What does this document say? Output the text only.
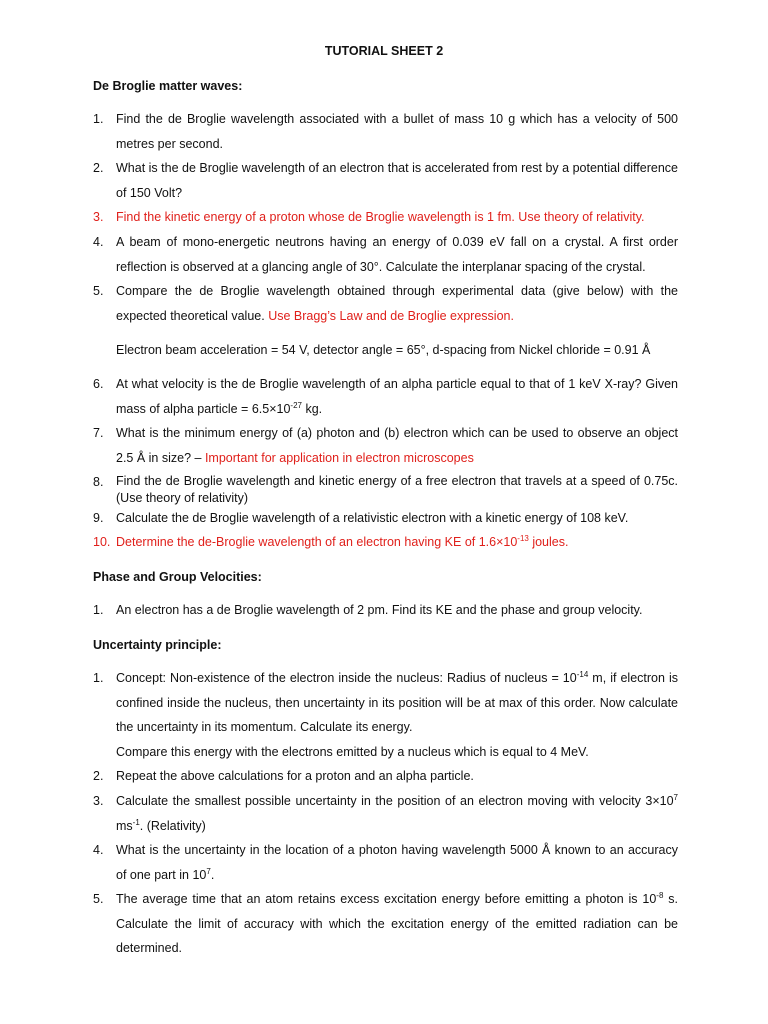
TUTORIAL SHEET 2
De Broglie matter waves:
1. Find the de Broglie wavelength associated with a bullet of mass 10 g which has a velocity of 500 metres per second.
2. What is the de Broglie wavelength of an electron that is accelerated from rest by a potential difference of 150 Volt?
3. Find the kinetic energy of a proton whose de Broglie wavelength is 1 fm. Use theory of relativity.
4. A beam of mono-energetic neutrons having an energy of 0.039 eV fall on a crystal. A first order reflection is observed at a glancing angle of 30°. Calculate the interplanar spacing of the crystal.
5. Compare the de Broglie wavelength obtained through experimental data (give below) with the expected theoretical value. Use Bragg’s Law and de Broglie expression.
Electron beam acceleration = 54 V, detector angle = 65°, d-spacing from Nickel chloride = 0.91 Å
6. At what velocity is the de Broglie wavelength of an alpha particle equal to that of 1 keV X-ray? Given mass of alpha particle = $6.5\times 10^{-27}$ kg.
7. What is the minimum energy of (a) photon and (b) electron which can be used to observe an object 2.5 Å in size? – Important for application in electron microscopes
8. Find the de Broglie wavelength and kinetic energy of a free electron that travels at a speed of 0.75c. (Use theory of relativity)
9. Calculate the de Broglie wavelength of a relativistic electron with a kinetic energy of 108 keV.
10. Determine the de-Broglie wavelength of an electron having KE of $1.6\times 10^{-13}$ joules.
Phase and Group Velocities:
1. An electron has a de Broglie wavelength of 2 pm. Find its KE and the phase and group velocity.
Uncertainty principle:
1. Concept: Non-existence of the electron inside the nucleus: Radius of nucleus = $10^{-14}$ m, if electron is confined inside the nucleus, then uncertainty in its position will be at max of this order. Now calculate the uncertainty in its momentum. Calculate its energy.
Compare this energy with the electrons emitted by a nucleus which is equal to 4 MeV.
2. Repeat the above calculations for a proton and an alpha particle.
3. Calculate the smallest possible uncertainty in the position of an electron moving with velocity $3\times 10^7$ $ms^{-1}$. (Relativity)
4. What is the uncertainty in the location of a photon having wavelength 5000 Å known to an accuracy of one part in $10^7$.
5. The average time that an atom retains excess excitation energy before emitting a photon is $10^{-8}$ s. Calculate the limit of accuracy with which the excitation energy of the emitted radiation can be determined.
